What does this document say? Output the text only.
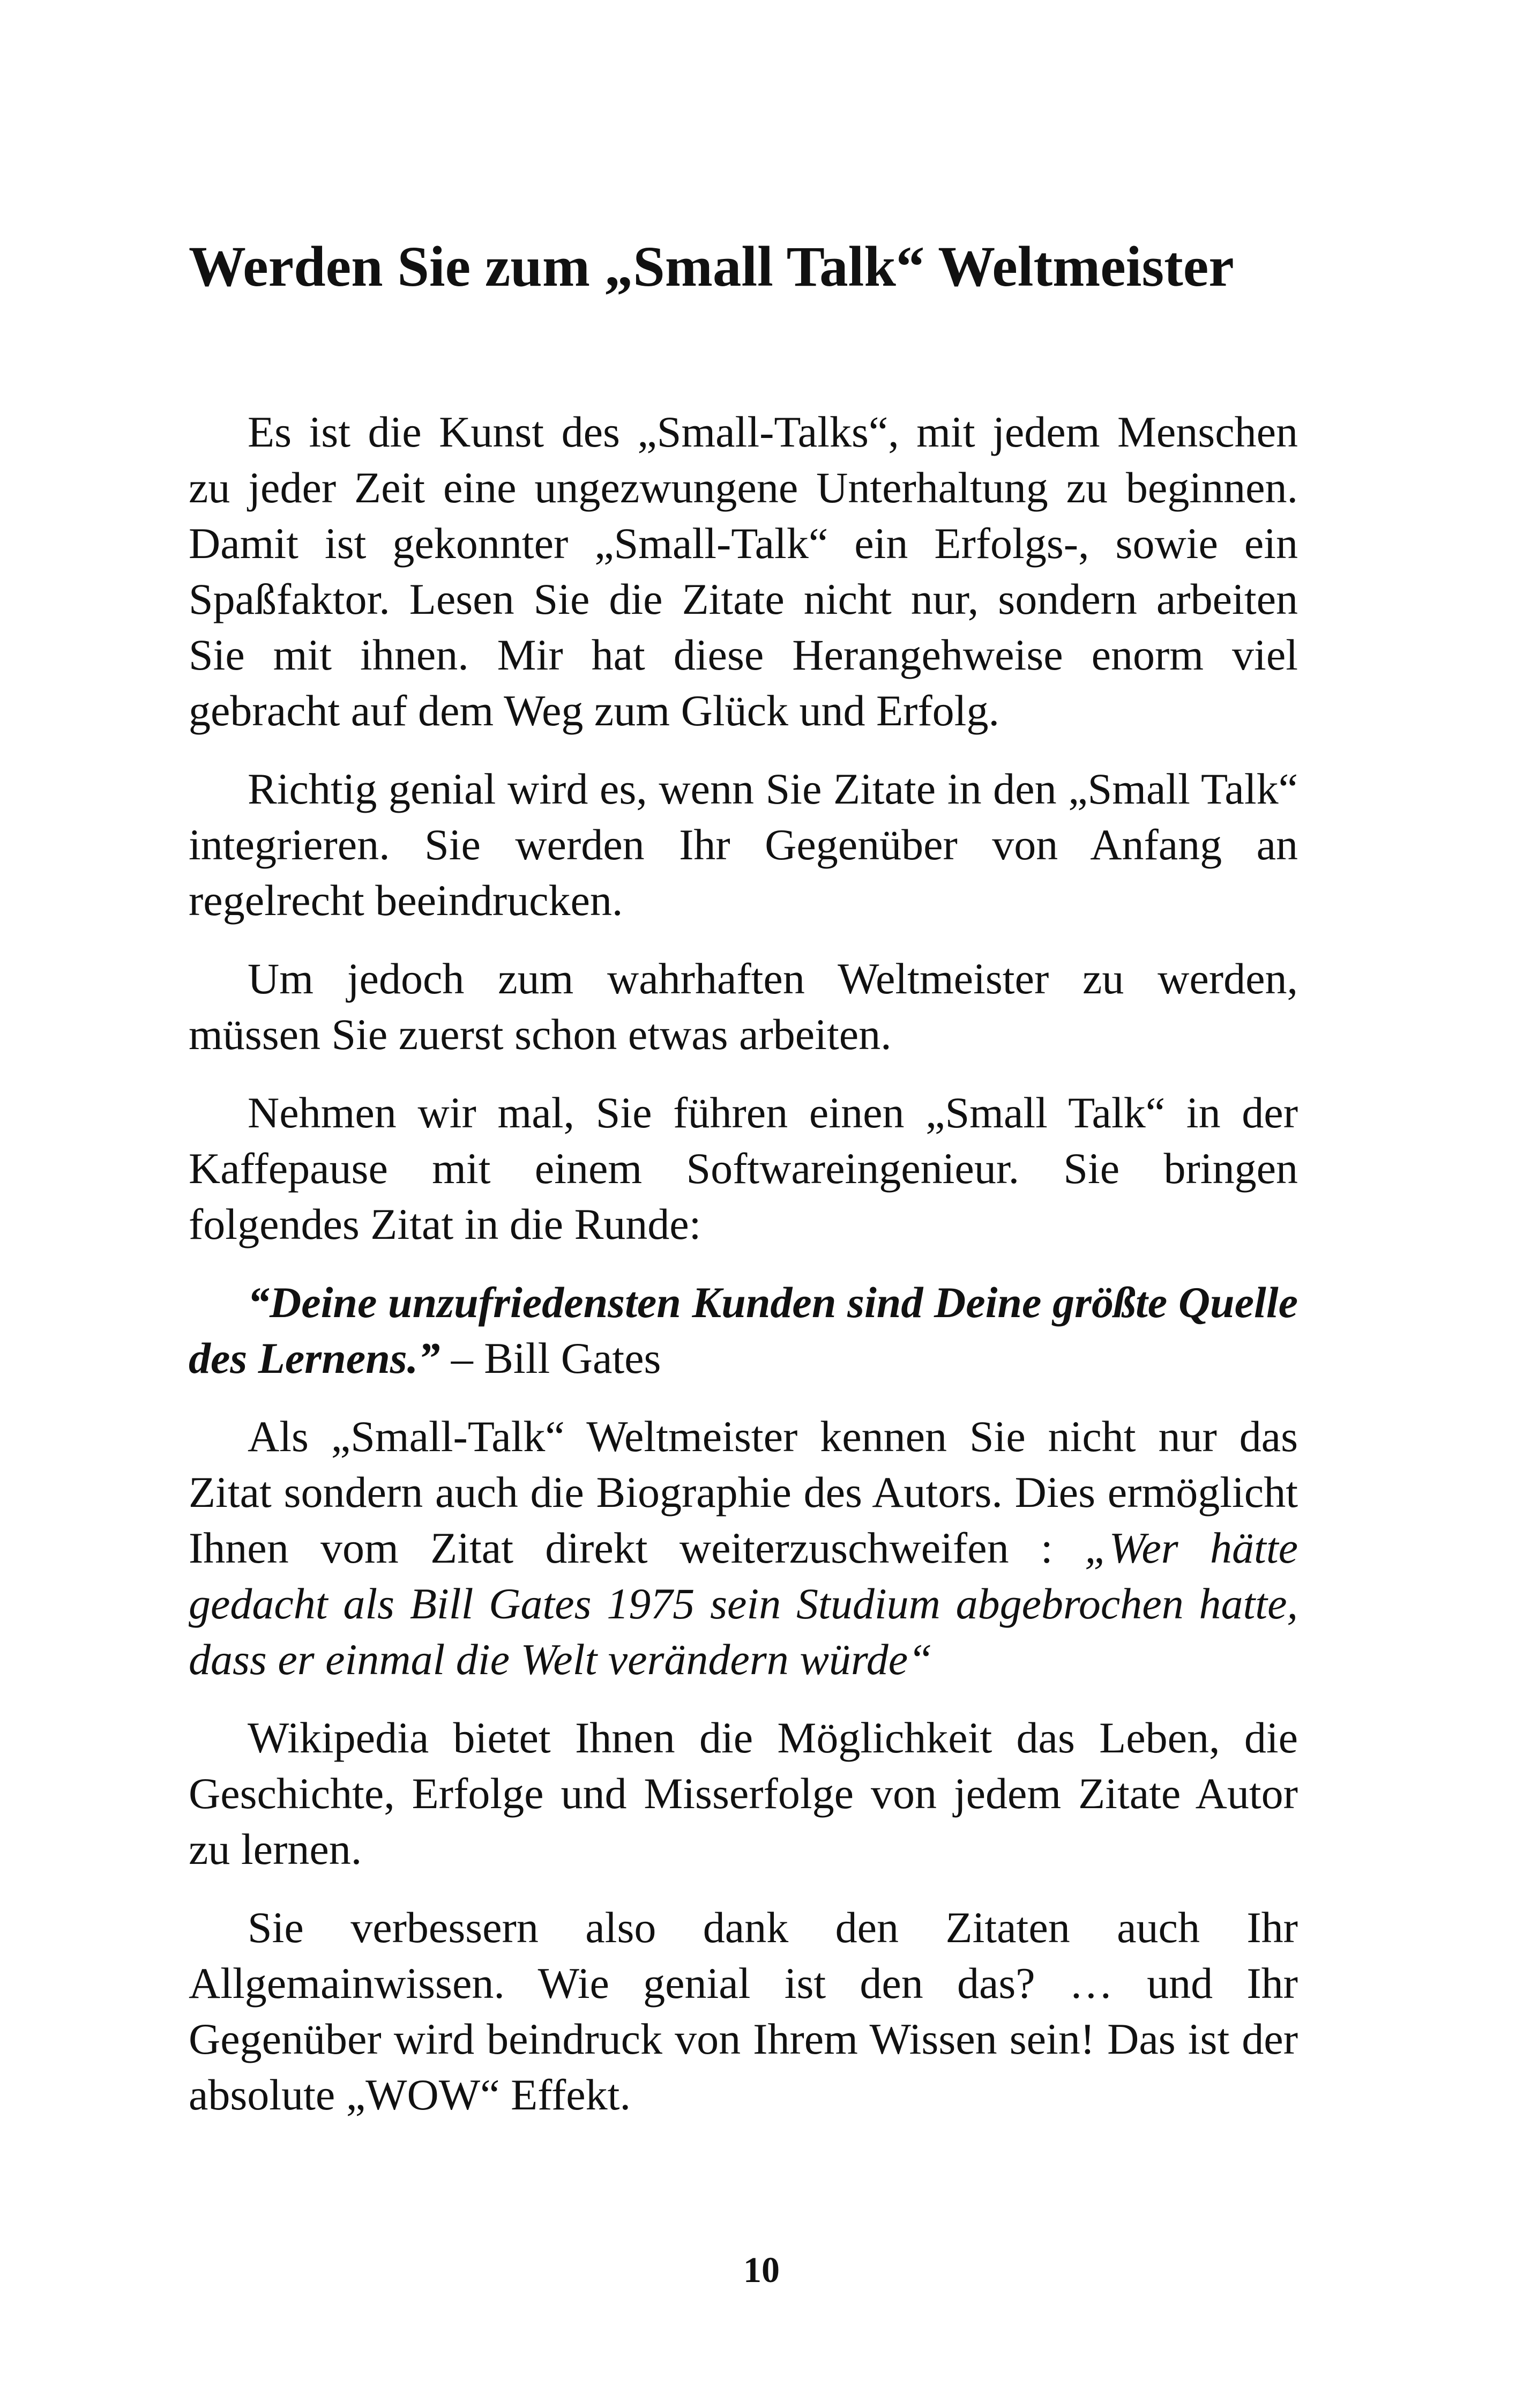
Werden Sie zum „Small Talk“ Weltmeister

Es ist die Kunst des „Small-Talks“, mit jedem Menschen zu jeder Zeit eine ungezwungene Unterhaltung zu beginnen. Damit ist gekonnter „Small-Talk“ ein Erfolgs-, sowie ein Spaßfaktor. Lesen Sie die Zitate nicht nur, sondern arbeiten Sie mit ihnen. Mir hat diese Herangehweise enorm viel gebracht auf dem Weg zum Glück und Erfolg.

Richtig genial wird es, wenn Sie Zitate in den „Small Talk“ integrieren. Sie werden Ihr Gegenüber von Anfang an regelrecht beeindrucken.

Um jedoch zum wahrhaften Weltmeister zu werden, müssen Sie zuerst schon etwas arbeiten.

Nehmen wir mal, Sie führen einen „Small Talk“ in der Kaffepause mit einem Softwareingenieur. Sie bringen folgendes Zitat in die Runde:

“Deine unzufriedensten Kunden sind Deine größte Quelle des Lernens.” – Bill Gates

Als „Small-Talk“ Weltmeister kennen Sie nicht nur das Zitat sondern auch die Biographie des Autors. Dies ermöglicht Ihnen vom Zitat direkt weiterzuschweifen : „Wer hätte gedacht als Bill Gates 1975 sein Studium abgebrochen hatte, dass er einmal die Welt verändern würde“

Wikipedia bietet Ihnen die Möglichkeit das Leben, die Geschichte, Erfolge und Misserfolge von jedem Zitate Autor zu lernen.

Sie verbessern also dank den Zitaten auch Ihr Allgemainwissen. Wie genial ist den das? … und Ihr Gegenüber wird beindruck von Ihrem Wissen sein! Das ist der absolute „WOW“ Effekt.

10
